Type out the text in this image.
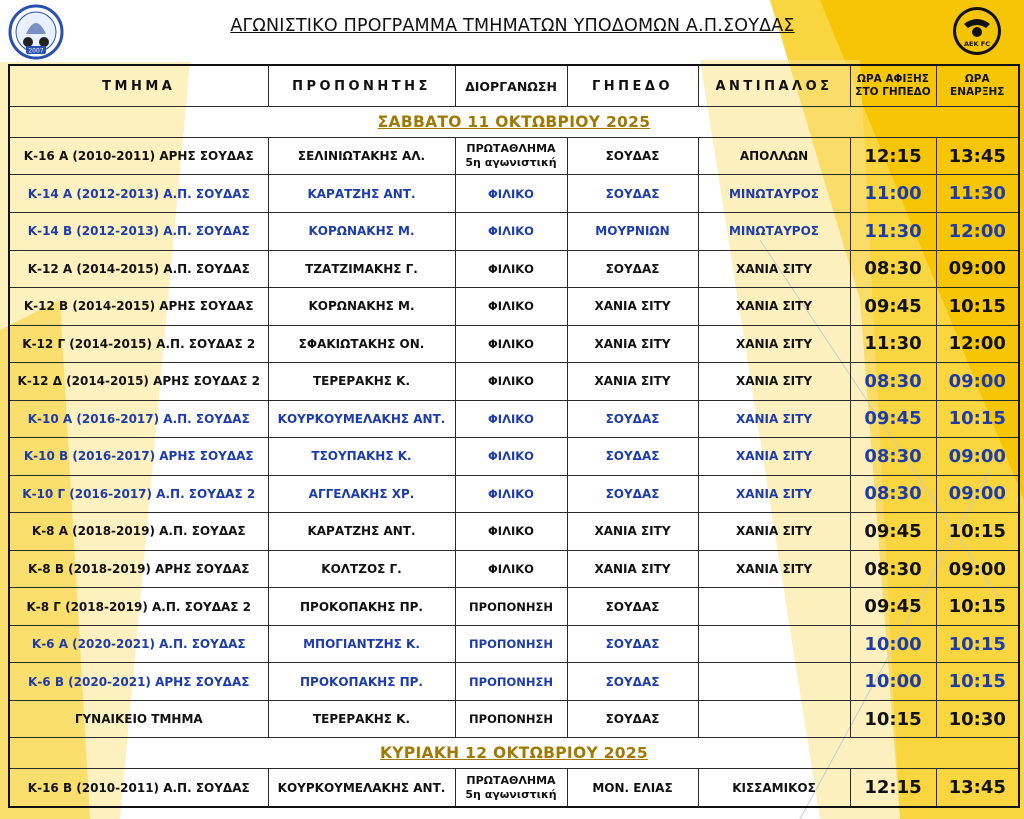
2007
ΑΓΩΝΙΣΤΙΚΟ ΠΡΟΓΡΑΜΜΑ ΤΜΗΜΑΤΩΝ ΥΠΟΔΟΜΩΝ Α.Π.ΣΟΥΔΑΣ
AEK FC
ΤΜΗΜΑ	ΠΡΟΠΟΝΗΤΗΣ	ΔΙΟΡΓΑΝΩΣΗ	ΓΗΠΕΔΟ	ΑΝΤΙΠΑΛΟΣ	ΩΡΑ ΑΦΙΞΗΣ ΣΤΟ ΓΗΠΕΔΟ	ΩΡΑ ΕΝΑΡΞΗΣ
ΣΑΒΒΑΤΟ 11 ΟΚΤΩΒΡΙΟΥ 2025						
Κ-16 Α (2010-2011) ΑΡΗΣ ΣΟΥΔΑΣ	ΣΕΛΙΝΙΩΤΑΚΗΣ ΑΛ.	ΠΡΩΤΑΘΛΗΜΑ 5η αγωνιστική	ΣΟΥΔΑΣ	ΑΠΟΛΛΩΝ	12:15	13:45
Κ-14 Α (2012-2013) Α.Π. ΣΟΥΔΑΣ	ΚΑΡΑΤΖΗΣ ΑΝΤ.	ΦΙΛΙΚΟ	ΣΟΥΔΑΣ	ΜΙΝΩΤΑΥΡΟΣ	11:00	11:30
Κ-14 Β (2012-2013) Α.Π. ΣΟΥΔΑΣ	ΚΟΡΩΝΑΚΗΣ Μ.	ΦΙΛΙΚΟ	ΜΟΥΡΝΙΩΝ	ΜΙΝΩΤΑΥΡΟΣ	11:30	12:00
Κ-12 Α (2014-2015) Α.Π. ΣΟΥΔΑΣ	ΤΖΑΤΖΙΜΑΚΗΣ Γ.	ΦΙΛΙΚΟ	ΣΟΥΔΑΣ	ΧΑΝΙΑ ΣΙΤΥ	08:30	09:00
Κ-12 Β (2014-2015) ΑΡΗΣ ΣΟΥΔΑΣ	ΚΟΡΩΝΑΚΗΣ Μ.	ΦΙΛΙΚΟ	ΧΑΝΙΑ ΣΙΤΥ	ΧΑΝΙΑ ΣΙΤΥ	09:45	10:15
Κ-12 Γ (2014-2015) Α.Π. ΣΟΥΔΑΣ 2	ΣΦΑΚΙΩΤΑΚΗΣ ΟΝ.	ΦΙΛΙΚΟ	ΧΑΝΙΑ ΣΙΤΥ	ΧΑΝΙΑ ΣΙΤΥ	11:30	12:00
Κ-12 Δ (2014-2015) ΑΡΗΣ ΣΟΥΔΑΣ 2	ΤΕΡΕΡΑΚΗΣ Κ.	ΦΙΛΙΚΟ	ΧΑΝΙΑ ΣΙΤΥ	ΧΑΝΙΑ ΣΙΤΥ	08:30	09:00
Κ-10 Α (2016-2017) Α.Π. ΣΟΥΔΑΣ	ΚΟΥΡΚΟΥΜΕΛΑΚΗΣ ΑΝΤ.	ΦΙΛΙΚΟ	ΣΟΥΔΑΣ	ΧΑΝΙΑ ΣΙΤΥ	09:45	10:15
Κ-10 Β (2016-2017) ΑΡΗΣ ΣΟΥΔΑΣ	ΤΣΟΥΠΑΚΗΣ Κ.	ΦΙΛΙΚΟ	ΣΟΥΔΑΣ	ΧΑΝΙΑ ΣΙΤΥ	08:30	09:00
Κ-10 Γ (2016-2017) Α.Π. ΣΟΥΔΑΣ 2	ΑΓΓΕΛΑΚΗΣ ΧΡ.	ΦΙΛΙΚΟ	ΣΟΥΔΑΣ	ΧΑΝΙΑ ΣΙΤΥ	08:30	09:00
Κ-8 Α (2018-2019) Α.Π. ΣΟΥΔΑΣ	ΚΑΡΑΤΖΗΣ ΑΝΤ.	ΦΙΛΙΚΟ	ΧΑΝΙΑ ΣΙΤΥ	ΧΑΝΙΑ ΣΙΤΥ	09:45	10:15
Κ-8 Β (2018-2019) ΑΡΗΣ ΣΟΥΔΑΣ	ΚΟΛΤΖΟΣ Γ.	ΦΙΛΙΚΟ	ΧΑΝΙΑ ΣΙΤΥ	ΧΑΝΙΑ ΣΙΤΥ	08:30	09:00
Κ-8 Γ (2018-2019) Α.Π. ΣΟΥΔΑΣ 2	ΠΡΟΚΟΠΑΚΗΣ ΠΡ.	ΠΡΟΠΟΝΗΣΗ	ΣΟΥΔΑΣ		09:45	10:15
Κ-6 Α (2020-2021) Α.Π. ΣΟΥΔΑΣ	ΜΠΟΓΙΑΝΤΖΗΣ Κ.	ΠΡΟΠΟΝΗΣΗ	ΣΟΥΔΑΣ		10:00	10:15
Κ-6 Β (2020-2021) ΑΡΗΣ ΣΟΥΔΑΣ	ΠΡΟΚΟΠΑΚΗΣ ΠΡ.	ΠΡΟΠΟΝΗΣΗ	ΣΟΥΔΑΣ		10:00	10:15
ΓΥΝΑΙΚΕΙΟ ΤΜΗΜΑ	ΤΕΡΕΡΑΚΗΣ Κ.	ΠΡΟΠΟΝΗΣΗ	ΣΟΥΔΑΣ		10:15	10:30
ΚΥΡΙΑΚΗ 12 ΟΚΤΩΒΡΙΟΥ 2025						
Κ-16 Β (2010-2011) Α.Π. ΣΟΥΔΑΣ	ΚΟΥΡΚΟΥΜΕΛΑΚΗΣ ΑΝΤ.	ΠΡΩΤΑΘΛΗΜΑ 5η αγωνιστική	ΜΟΝ. ΕΛΙΑΣ	ΚΙΣΣΑΜΙΚΟΣ	12:15	13:45
